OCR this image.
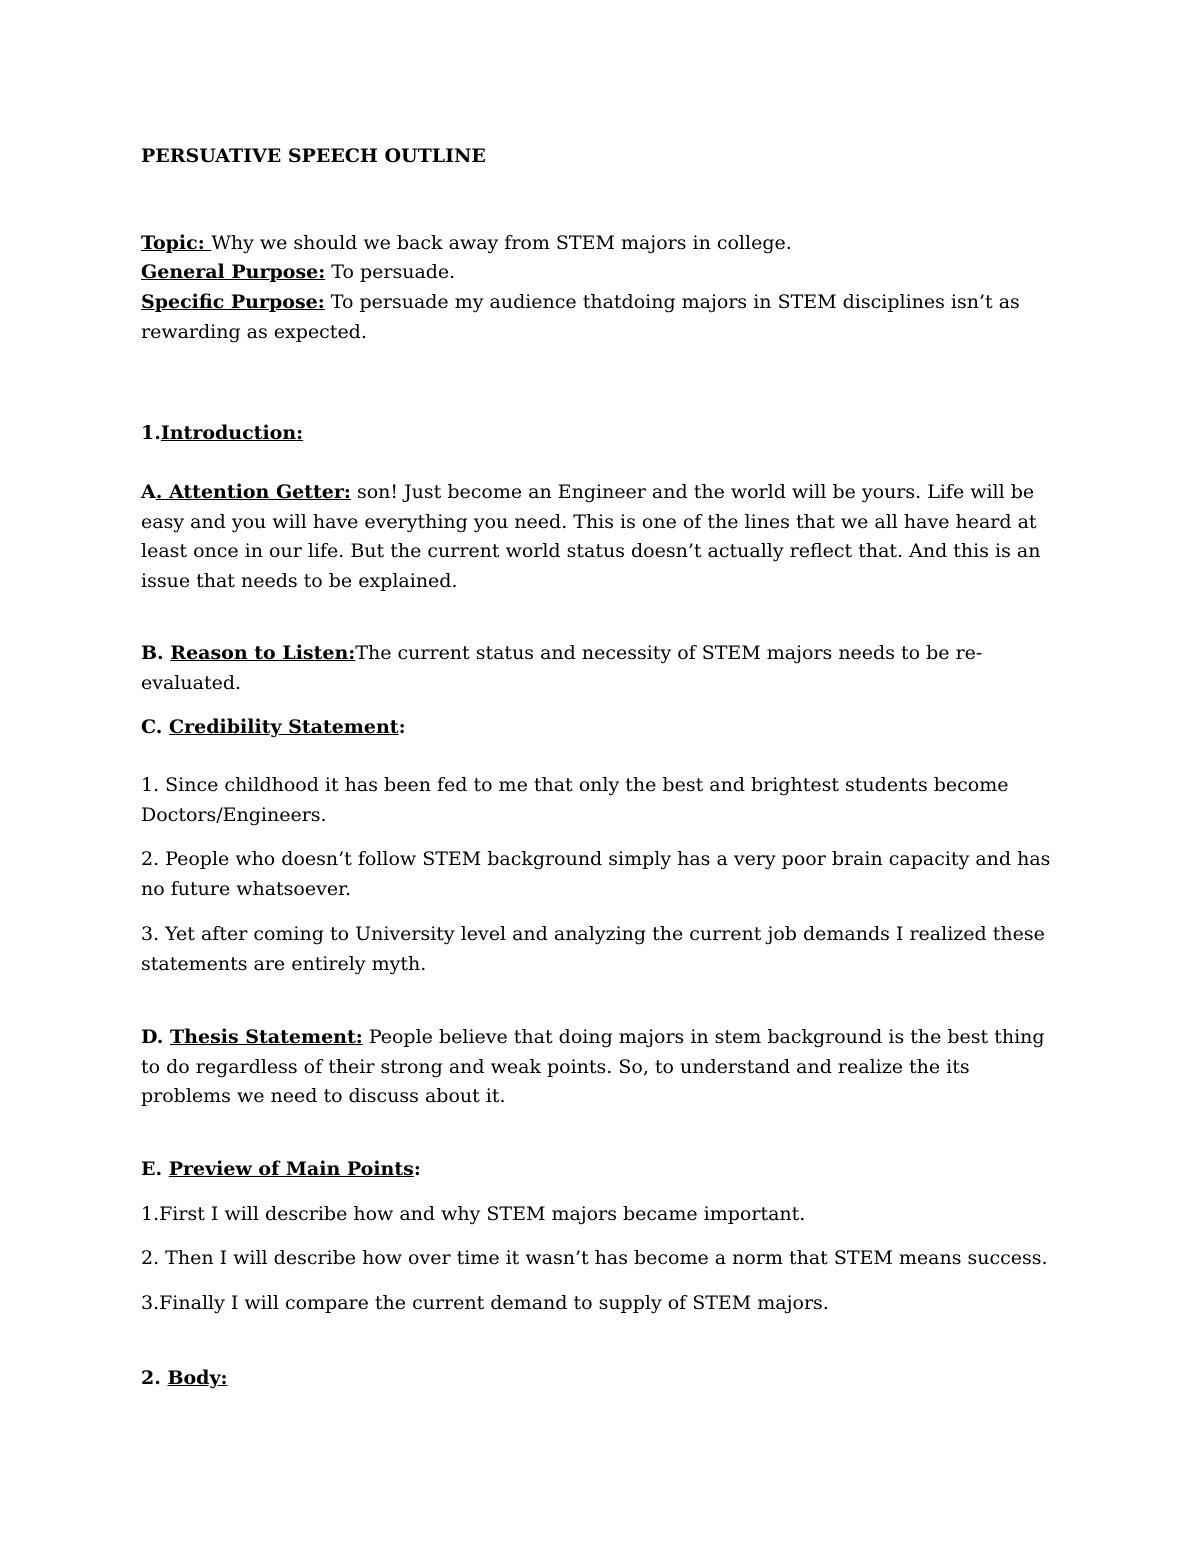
PERSUATIVE SPEECH OUTLINE
Topic: Why we should we back away from STEM majors in college.
General Purpose: To persuade.
Specific Purpose: To persuade my audience thatdoing majors in STEM disciplines isn’t as rewarding as expected.
1.Introduction:
A. Attention Getter: son! Just become an Engineer and the world will be yours. Life will be easy and you will have everything you need. This is one of the lines that we all have heard at least once in our life. But the current world status doesn’t actually reflect that. And this is an issue that needs to be explained.
B. Reason to Listen:The current status and necessity of STEM majors needs to be re-evaluated.
C. Credibility Statement:
1. Since childhood it has been fed to me that only the best and brightest students become Doctors/Engineers.
2. People who doesn’t follow STEM background simply has a very poor brain capacity and has no future whatsoever.
3. Yet after coming to University level and analyzing the current job demands I realized these statements are entirely myth.
D. Thesis Statement: People believe that doing majors in stem background is the best thing to do regardless of their strong and weak points. So, to understand and realize the its problems we need to discuss about it.
E. Preview of Main Points:
1.First I will describe how and why STEM majors became important.
2. Then I will describe how over time it wasn’t has become a norm that STEM means success.
3.Finally I will compare the current demand to supply of STEM majors.
2. Body:
